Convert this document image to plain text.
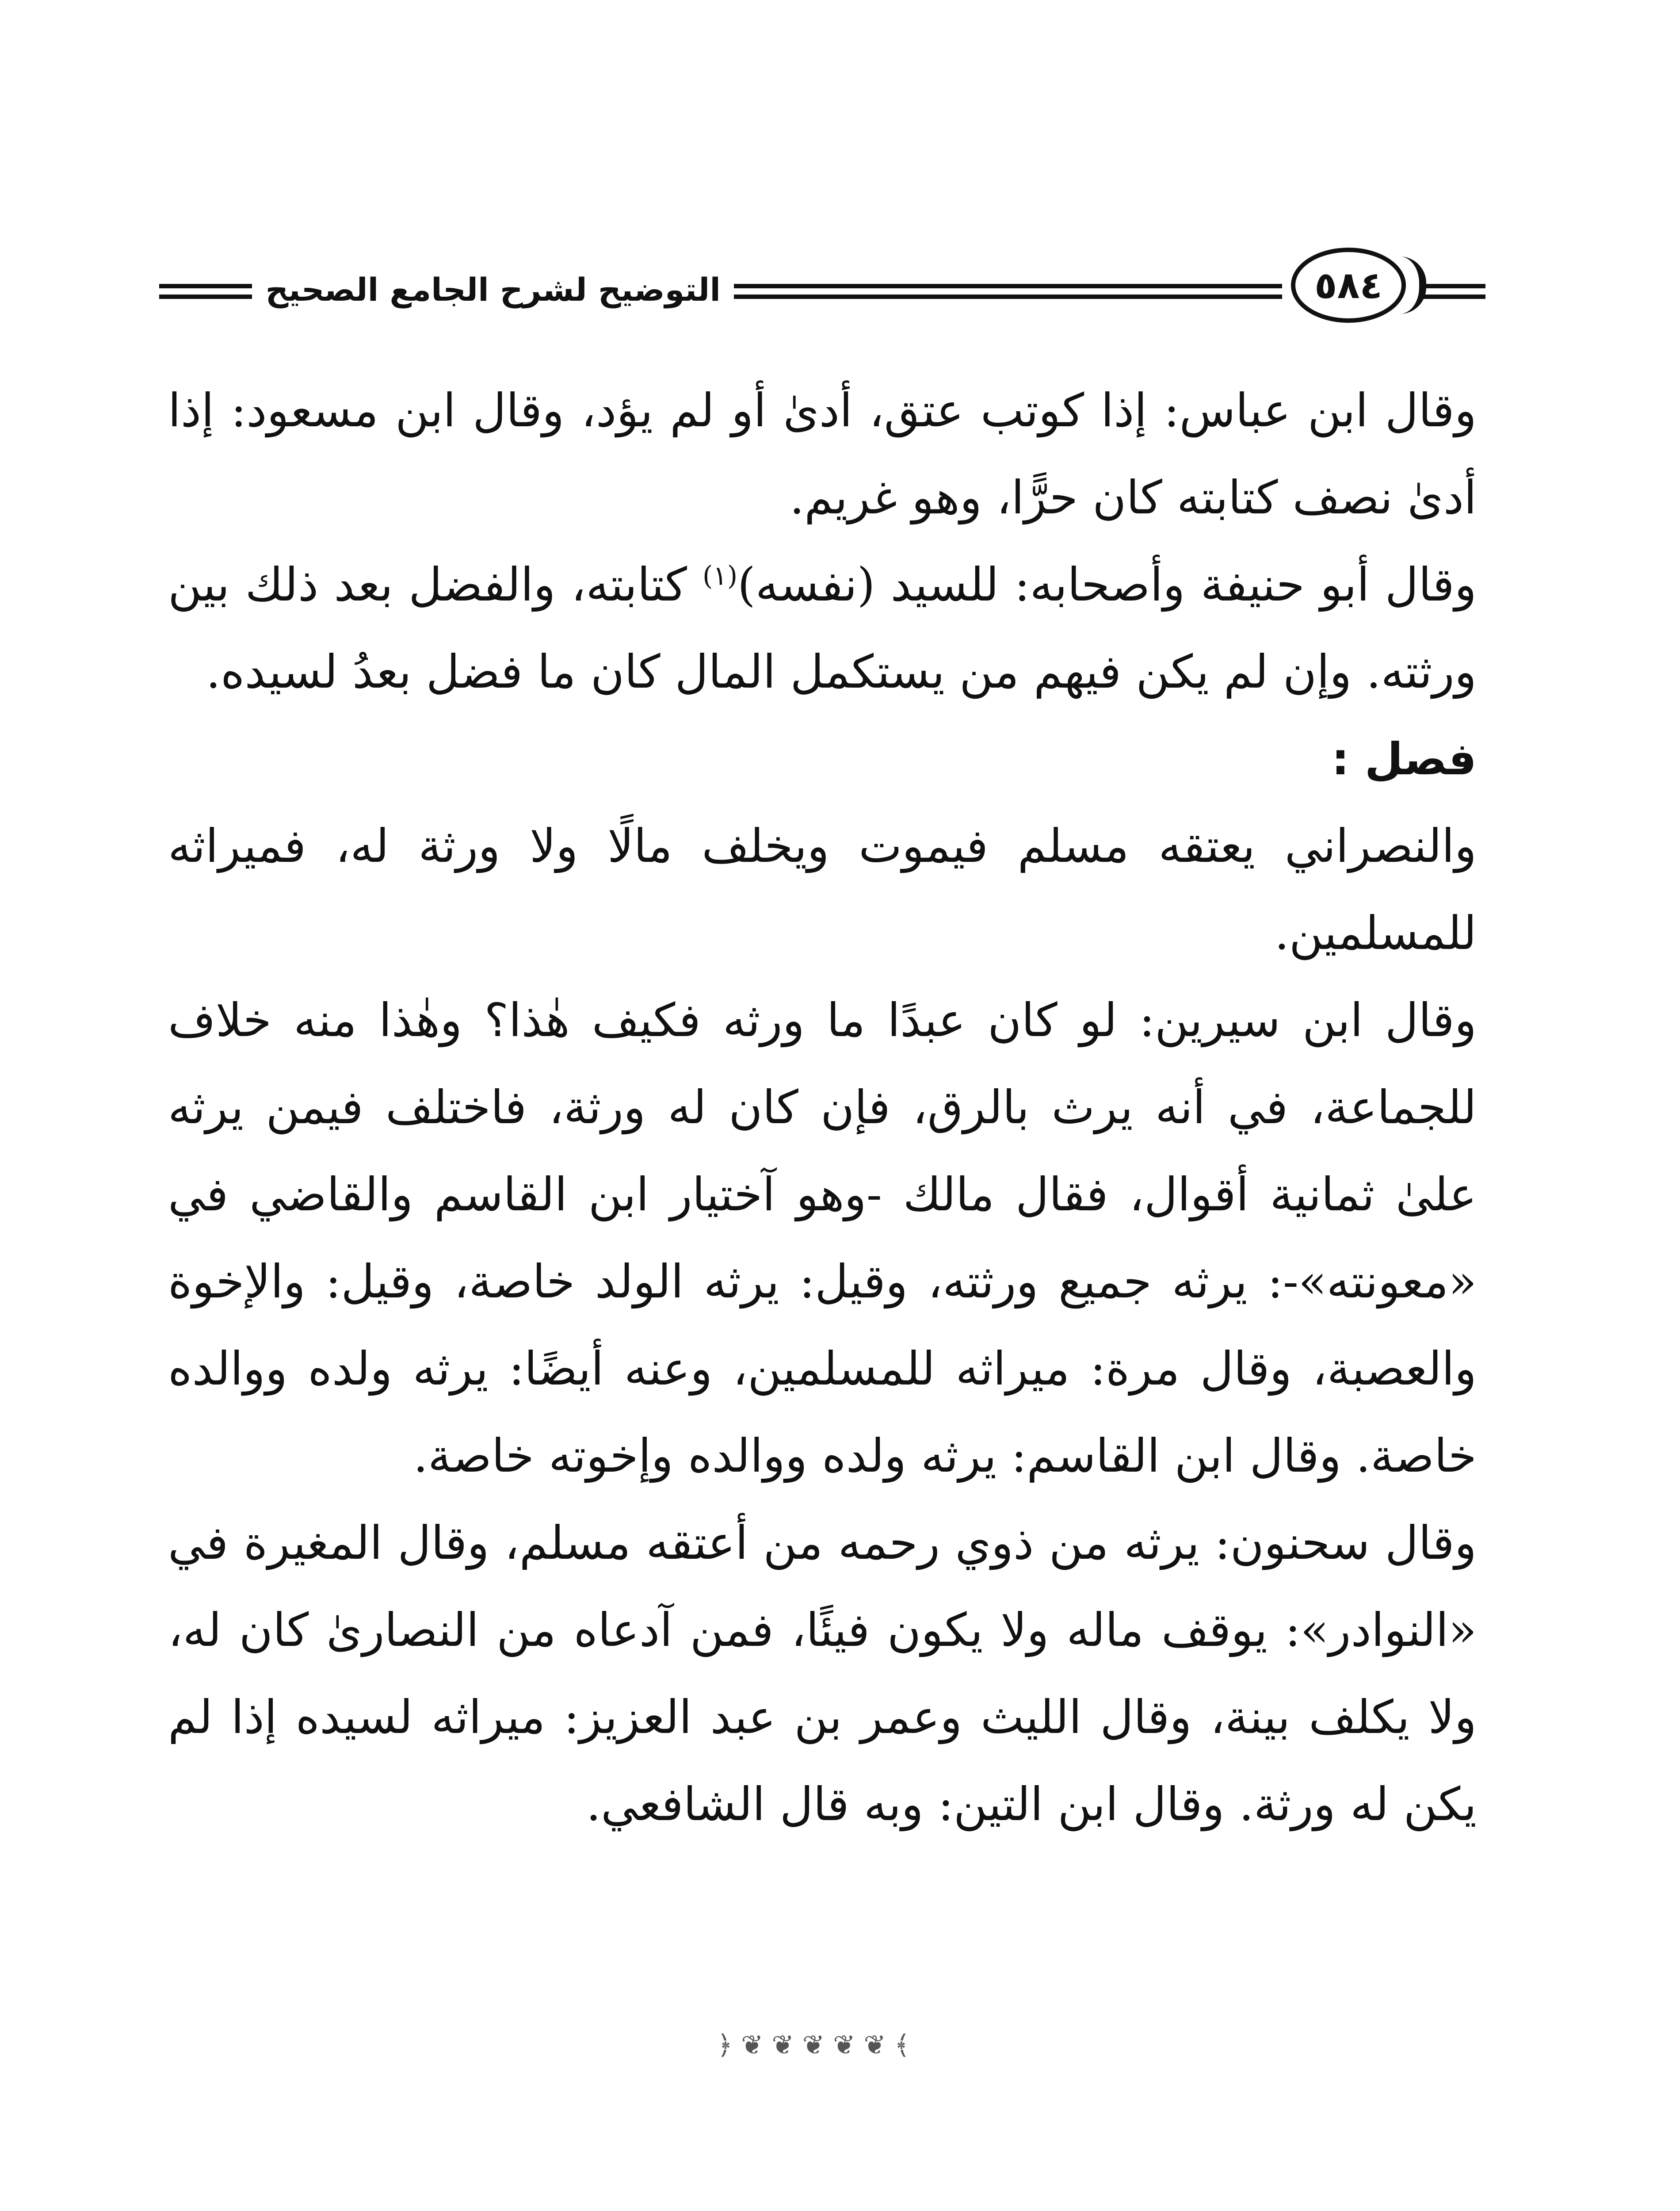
التوضيح لشرح الجامع الصحيح	٥٨٤

وقال ابن عباس: إذا كوتب عتق، أدىٰ أو لم يؤد، وقال ابن مسعود: إذا أدىٰ نصف كتابته كان حرًّا، وهو غريم.

وقال أبو حنيفة وأصحابه: للسيد (نفسه)$^{(١)}$ كتابته، والفضل بعد ذلك بين ورثته. وإن لم يكن فيهم من يستكمل المال كان ما فضل بعدُ لسيده.

فصل :

والنصراني يعتقه مسلم فيموت ويخلف مالًا ولا ورثة له، فميراثه للمسلمين.

وقال ابن سيرين: لو كان عبدًا ما ورثه فكيف هٰذا؟ وهٰذا منه خلاف للجماعة، في أنه يرث بالرق، فإن كان له ورثة، فاختلف فيمن يرثه علىٰ ثمانية أقوال، فقال مالك -وهو آختيار ابن القاسم والقاضي في «معونته»-: يرثه جميع ورثته، وقيل: يرثه الولد خاصة، وقيل: والإخوة والعصبة، وقال مرة: ميراثه للمسلمين، وعنه أيضًا: يرثه ولده ووالده خاصة. وقال ابن القاسم: يرثه ولده ووالده وإخوته خاصة.

وقال سحنون: يرثه من ذوي رحمه من أعتقه مسلم، وقال المغيرة في «النوادر»: يوقف ماله ولا يكون فيئًا، فمن آدعاه من النصارىٰ كان له، ولا يكلف بينة، وقال الليث وعمر بن عبد العزيز: ميراثه لسيده إذا لم يكن له ورثة. وقال ابن التين: وبه قال الشافعي.

﴿ ❦ ❦ ❦ ❦ ❦ ﴾
